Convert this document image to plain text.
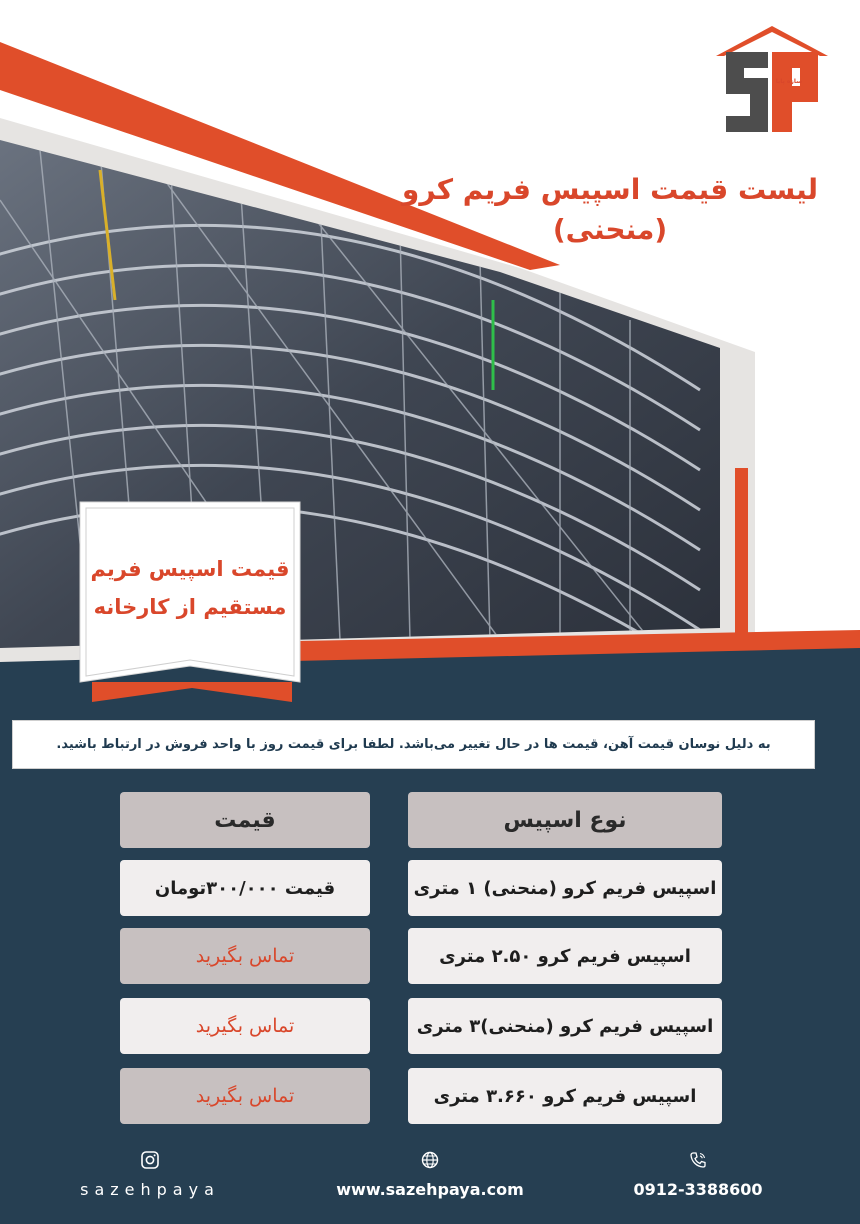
سازه پایا
لیست قیمت اسپیس فریم کرو (منحنی)
قیمت اسپیس فریم
مستقیم از کارخانه
به دلیل نوسان قیمت آهن، قیمت ها در حال تغییر می‌باشد. لطفا برای قیمت روز با واحد فروش در ارتباط باشید.
نوع اسپیس
قیمت
اسپیس فریم کرو (منحنی) ۱ متری
قیمت ۳۰۰/۰۰۰تومان
اسپیس فریم کرو ۲.۵۰ متری
تماس بگیرید
اسپیس فریم کرو (منحنی)۳ متری
تماس بگیرید
اسپیس فریم کرو ۳.۶۶۰ متری
تماس بگیرید
sazehpaya	www.sazehpaya.com	0912-3388600
